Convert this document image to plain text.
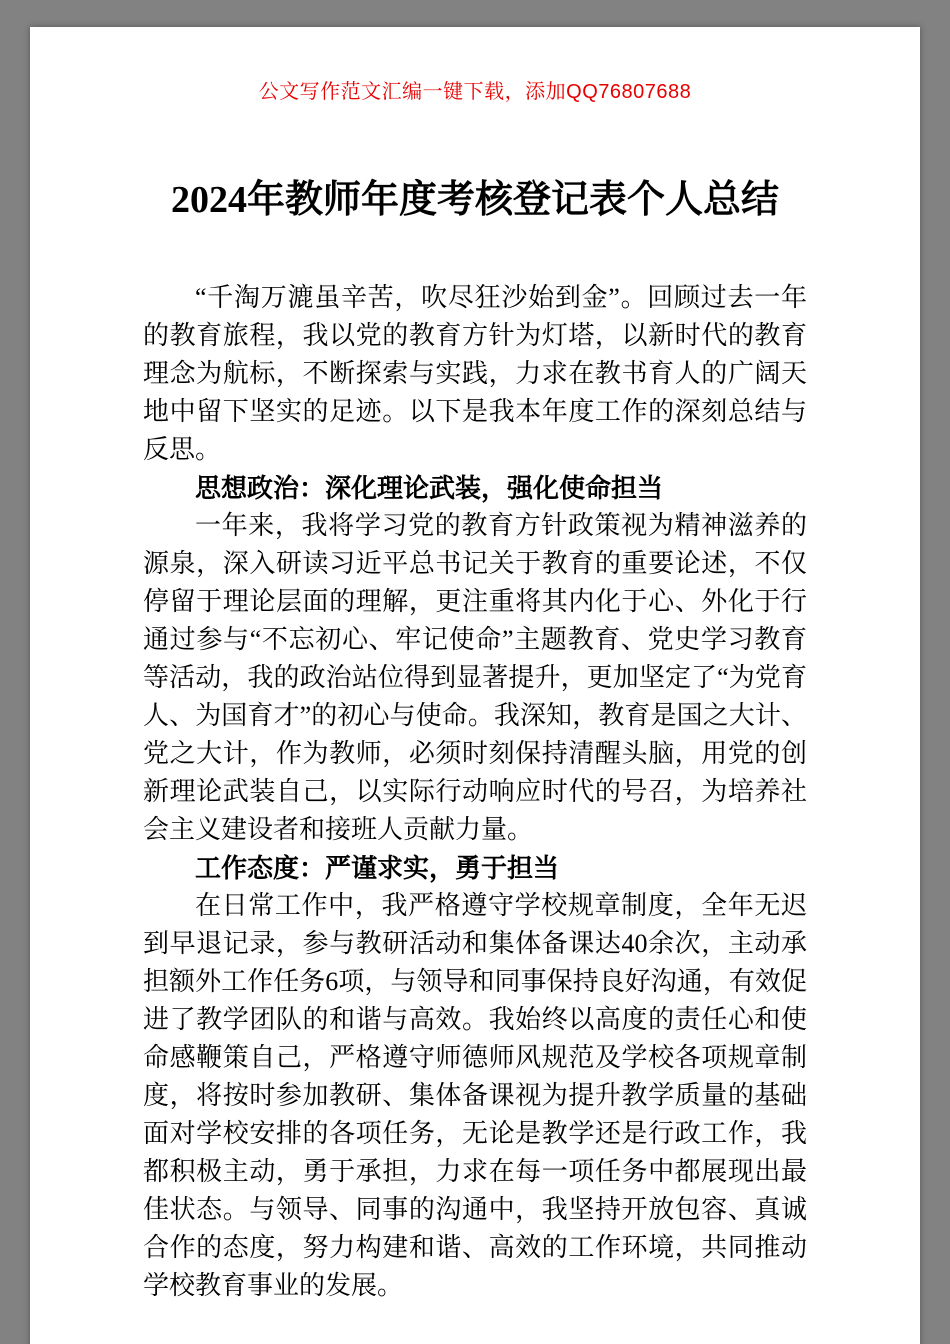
公文写作范文汇编一键下载，添加QQ76807688
2024年教师年度考核登记表个人总结

“千淘万漉虽辛苦，吹尽狂沙始到金”。回顾过去一年的教育旅程，我以党的教育方针为灯塔，以新时代的教育理念为航标，不断探索与实践，力求在教书育人的广阔天地中留下坚实的足迹。以下是我本年度工作的深刻总结与反思。

思想政治：深化理论武装，强化使命担当

一年来，我将学习党的教育方针政策视为精神滋养的源泉，深入研读习近平总书记关于教育的重要论述，不仅停留于理论层面的理解，更注重将其内化于心、外化于行通过参与“不忘初心、牢记使命”主题教育、党史学习教育等活动，我的政治站位得到显著提升，更加坚定了“为党育人、为国育才”的初心与使命。我深知，教育是国之大计、党之大计，作为教师，必须时刻保持清醒头脑，用党的创新理论武装自己，以实际行动响应时代的号召，为培养社会主义建设者和接班人贡献力量。

工作态度：严谨求实，勇于担当

在日常工作中，我严格遵守学校规章制度，全年无迟到早退记录，参与教研活动和集体备课达40余次，主动承担额外工作任务6项，与领导和同事保持良好沟通，有效促进了教学团队的和谐与高效。我始终以高度的责任心和使命感鞭策自己，严格遵守师德师风规范及学校各项规章制度，将按时参加教研、集体备课视为提升教学质量的基础面对学校安排的各项任务，无论是教学还是行政工作，我都积极主动，勇于承担，力求在每一项任务中都展现出最佳状态。与领导、同事的沟通中，我坚持开放包容、真诚合作的态度，努力构建和谐、高效的工作环境，共同推动学校教育事业的发展。
